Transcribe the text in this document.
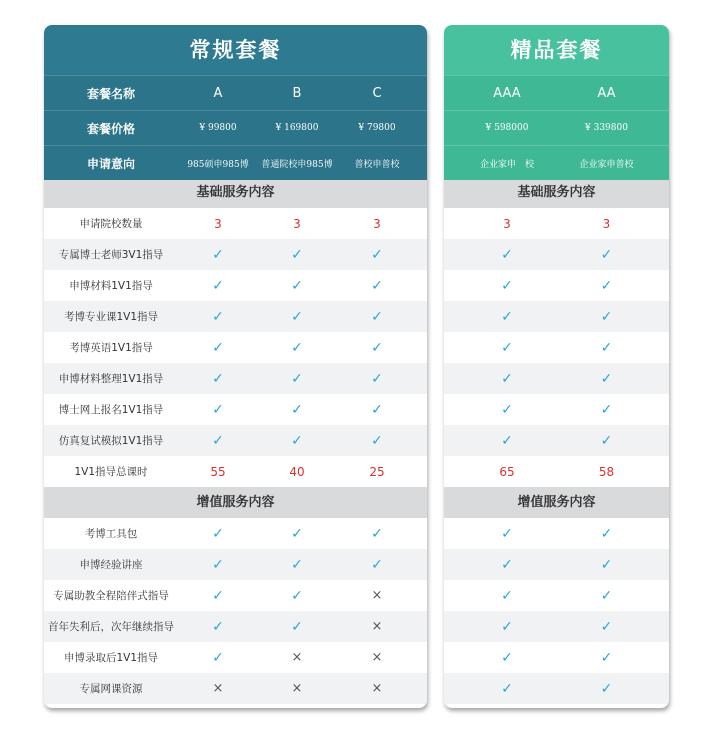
常规套餐
套餐名称	A	B	C
套餐价格	¥ 99800	¥ 169800	¥ 79800
申请意向	985硕申985博	普通院校申985博	普校申普校
基础服务内容
申请院校数量	3	3	3
专属博士老师3V1指导	✓	✓	✓
申博材料1V1指导	✓	✓	✓
考博专业课1V1指导	✓	✓	✓
考博英语1V1指导	✓	✓	✓
申博材料整理1V1指导	✓	✓	✓
博士网上报名1V1指导	✓	✓	✓
仿真复试模拟1V1指导	✓	✓	✓
1V1指导总课时	55	40	25
增值服务内容
考博工具包	✓	✓	✓
申博经验讲座	✓	✓	✓
专属助教全程陪伴式指导	✓	✓	×
首年失利后，次年继续指导	✓	✓	×
申博录取后1V1指导	✓	×	×
专属网课资源	×	×	×
精品套餐
AAA	AA
¥ 598000	¥ 339800
企业家申　校	企业家申普校
基础服务内容
3	3
✓	✓
✓	✓
✓	✓
✓	✓
✓	✓
✓	✓
✓	✓
65	58
增值服务内容
✓	✓
✓	✓
✓	✓
✓	✓
✓	✓
✓	✓
